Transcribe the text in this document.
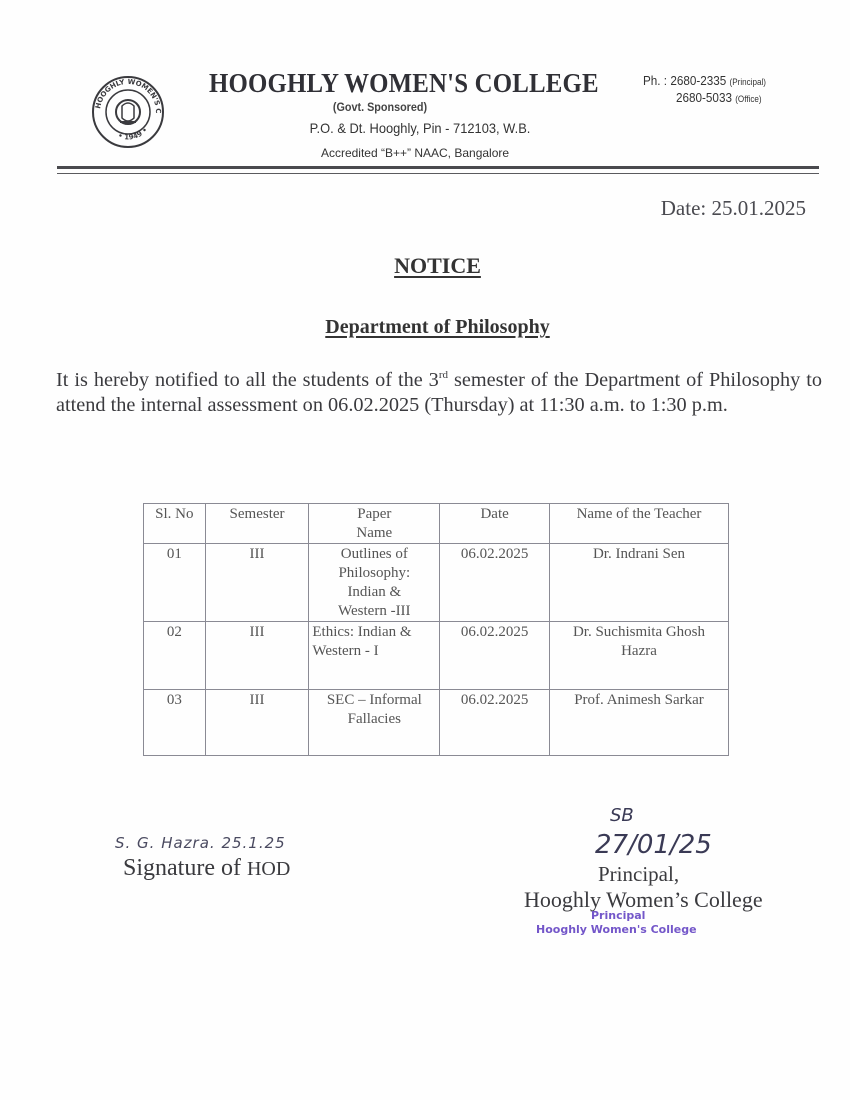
HOOGHLY WOMEN'S C
• 1949 •
HOOGHLY WOMEN'S COLLEGE
(Govt. Sponsored)
P.O. & Dt. Hooghly, Pin - 712103, W.B.
Accredited “B++” NAAC, Bangalore
Ph. : 2680-2335 (Principal)
2680-5033 (Office)
Date: 25.01.2025
NOTICE
Department of Philosophy
It is hereby notified to all the students of the 3rd semester of the Department of Philosophy to attend the internal assessment on 06.02.2025 (Thursday) at 11:30 a.m. to 1:30 p.m.
Sl. No	Semester	Paper Name	Date	Name of the Teacher
01	III	Outlines of Philosophy: Indian & Western -III	06.02.2025	Dr. Indrani Sen
02	III	Ethics: Indian & Western - I	06.02.2025	Dr. Suchismita Ghosh Hazra
03	III	SEC – Informal Fallacies	06.02.2025	Prof. Animesh Sarkar
S. G. Hazra. 25.1.25
Signature of HOD
SB
27/01/25
Principal,
Hooghly Women’s College
Principal
Hooghly Women's College
